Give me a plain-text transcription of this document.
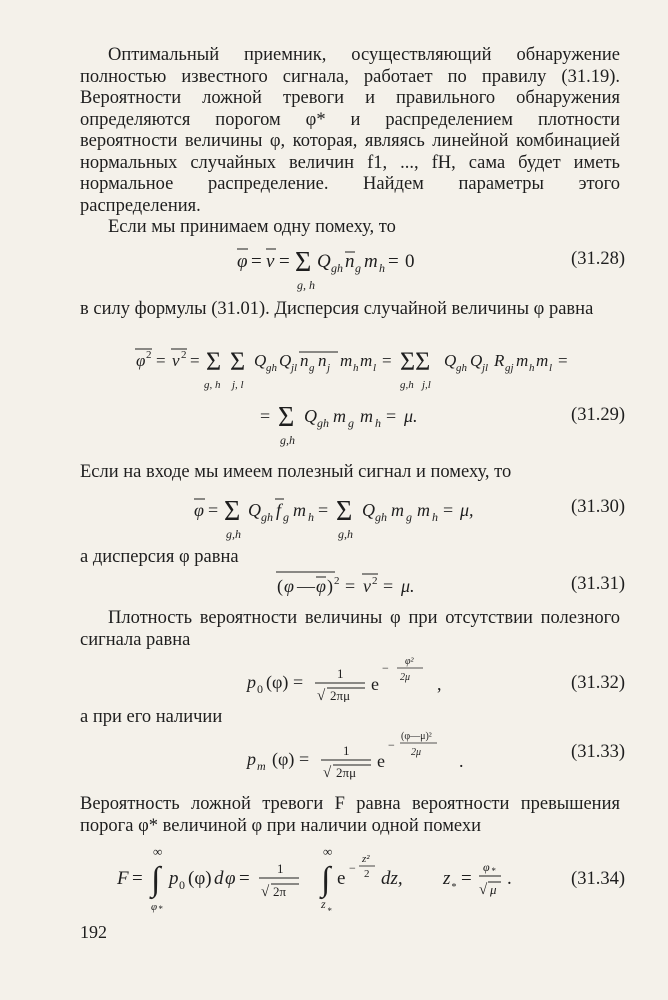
Оптимальный приемник, осуществляющий обнаружение полностью известного сигнала, работает по правилу (31.19). Вероятности ложной тревоги и правильного обнаружения определяются порогом φ* и распределением плотности вероятности величины φ, которая, являясь линейной комбинацией нормальных случайных величин f1, ..., fH, сама будет иметь нормальное распределение. Найдем параметры этого распределения.

Если мы принимаем одну помеху, то

φ = ν = Σ
g, h
Q gh n g m h = 0	(31.28)

в силу формулы (31.01). Дисперсия случайной величины φ равна

φ 2 = ν 2 = Σ
g, h
Σ
j, l
Q gh Q jl n g n j m h m l = ΣΣ
g,h j,l
Q gh Q jl R gj m h m l =
= Σ
g,h
Q gh m g m h = μ.	(31.29)

Если на входе мы имеем полезный сигнал и помеху, то

φ = Σ
g,h
Q gh f g m h = Σ
g,h
Q gh m g m h = μ,	(31.30)

а дисперсия φ равна

( φ — φ ) 2 = ν 2 = μ.	(31.31)

Плотность вероятности величины φ при отсутствии полезного сигнала равна

p 0 (φ) =	1
√ 2πμ
e
− φ²
2μ ,	(31.32)

а при его наличии

p m (φ) =	1
√ 2πμ
e
−
(φ—μ)²
2μ .	(31.33)

Вероятность ложной тревоги F равна вероятности превышения порога φ* величиной φ при наличии одной помехи

F =
∞
∫
φ *
p 0 (φ) d φ = 1
√ 2π
∞
∫
z *
e −
z²
2 dz, z * =
φ *
√ μ
.	(31.34)
192
